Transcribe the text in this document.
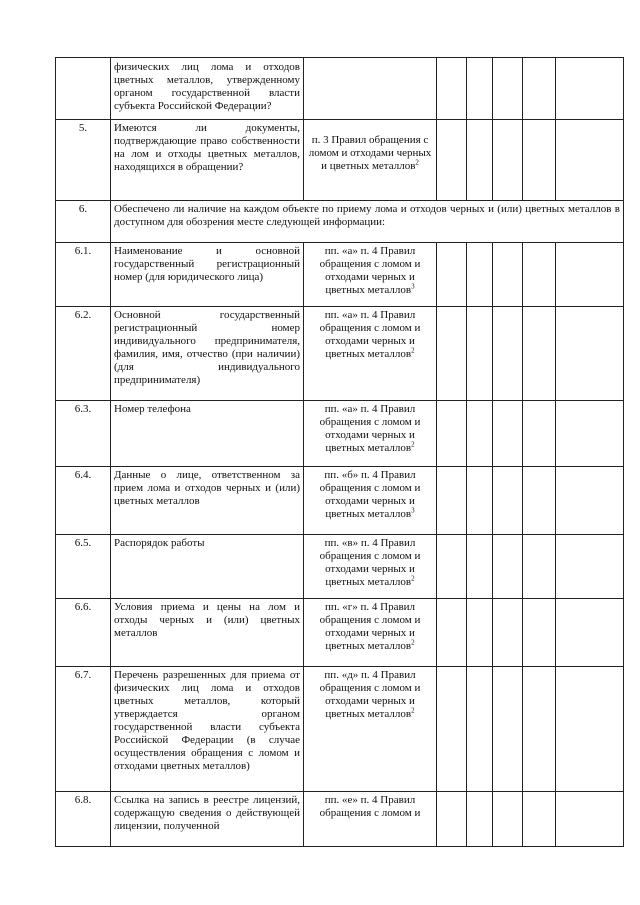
	физических лиц лома и отходов цветных металлов, утвержденному органом государственной власти субъекта Российской Федерации?						
5.	Имеются ли документы, подтверждающие право собственности на лом и отходы цветных металлов, находящихся в обращении?	п. 3 Правил обращения с ломом и отходами черных и цветных металлов$^2$					
6.	Обеспечено ли наличие на каждом объекте по приему лома и отходов черных и (или) цветных металлов в доступном для обозрения месте следующей информации:						
6.1.	Наименование и основной государственный регистрационный номер (для юридического лица)	пп. «а» п. 4 Правил обращения с ломом и отходами черных и цветных металлов$^3$					
6.2.	Основной государственный регистрационный номер индивидуального предпринимателя, фамилия, имя, отчество (при наличии) (для индивидуального предпринимателя)	пп. «а» п. 4 Правил обращения с ломом и отходами черных и цветных металлов$^2$					
6.3.	Номер телефона	пп. «а» п. 4 Правил обращения с ломом и отходами черных и цветных металлов$^2$					
6.4.	Данные о лице, ответственном за прием лома и отходов черных и (или) цветных металлов	пп. «б» п. 4 Правил обращения с ломом и отходами черных и цветных металлов$^3$					
6.5.	Распорядок работы	пп. «в» п. 4 Правил обращения с ломом и отходами черных и цветных металлов$^2$					
6.6.	Условия приема и цены на лом и отходы черных и (или) цветных металлов	пп. «г» п. 4 Правил обращения с ломом и отходами черных и цветных металлов$^2$					
6.7.	Перечень разрешенных для приема от физических лиц лома и отходов цветных металлов, который утверждается органом государственной власти субъекта Российской Федерации (в случае осуществления обращения с ломом и отходами цветных металлов)	пп. «д» п. 4 Правил обращения с ломом и отходами черных и цветных металлов$^2$					
6.8.	Ссылка на запись в реестре лицензий, содержащую сведения о действующей лицензии, полученной	пп. «е» п. 4 Правил обращения с ломом и					
